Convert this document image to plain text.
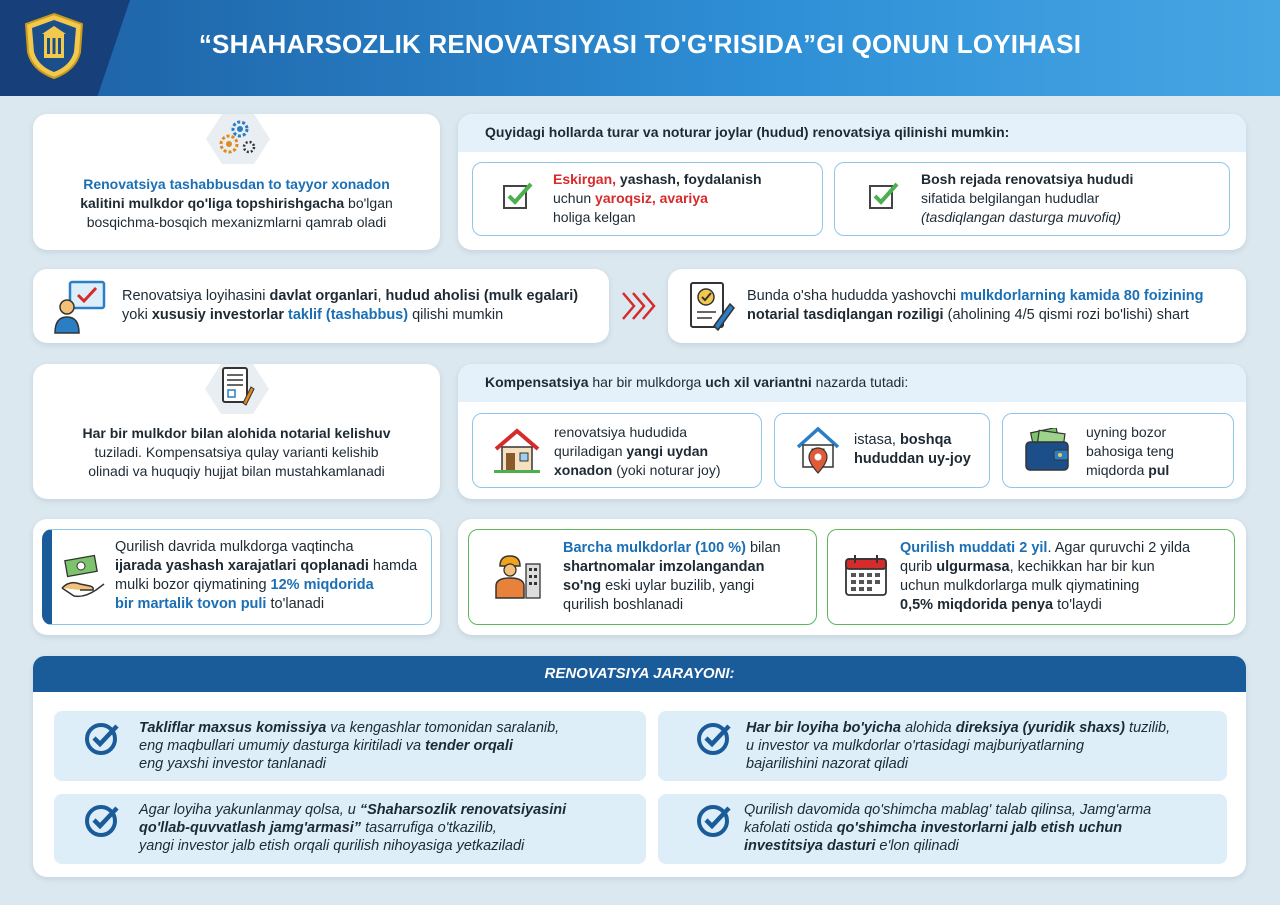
“SHAHARSOZLIK RENOVATSIYASI TO'G'RISIDA”GI QONUN LOYIHASI
Renovatsiya tashabbusdan to tayyor xonadon
kalitini mulkdor qo'liga topshirishgacha bo'lgan
bosqichma-bosqich mexanizmlarni qamrab oladi
Quyidagi hollarda turar va noturar joylar (hudud) renovatsiya qilinishi mumkin:
Eskirgan, yashash, foydalanish
uchun yaroqsiz, avariya
holiga kelgan
Bosh rejada renovatsiya hududi
sifatida belgilangan hududlar
(tasdiqlangan dasturga muvofiq)
Renovatsiya loyihasini davlat organlari, hudud aholisi (mulk egalari)
yoki xususiy investorlar taklif (tashabbus) qilishi mumkin
Bunda o'sha hududda yashovchi mulkdorlarning kamida 80 foizining
notarial tasdiqlangan roziligi (aholining 4/5 qismi rozi bo'lishi) shart
Har bir mulkdor bilan alohida notarial kelishuv
tuziladi. Kompensatsiya qulay varianti kelishib
olinadi va huquqiy hujjat bilan mustahkamlanadi
Kompensatsiya har bir mulkdorga uch xil variantni nazarda tutadi:
renovatsiya hududida
quriladigan yangi uydan
xonadon (yoki noturar joy)
istasa, boshqa
hududdan uy-joy
uyning bozor
bahosiga teng
miqdorda pul
Qurilish davrida mulkdorga vaqtincha
ijarada yashash xarajatlari qoplanadi hamda
mulki bozor qiymatining 12% miqdorida
bir martalik tovon puli to'lanadi
Barcha mulkdorlar (100 %) bilan
shartnomalar imzolangandan
so'ng eski uylar buzilib, yangi
qurilish boshlanadi
Qurilish muddati 2 yil. Agar quruvchi 2 yilda
qurib ulgurmasa, kechikkan har bir kun
uchun mulkdorlarga mulk qiymatining
0,5% miqdorida penya to'laydi
RENOVATSIYA JARAYONI:
Takliflar maxsus komissiya va kengashlar tomonidan saralanib,
eng maqbullari umumiy dasturga kiritiladi va tender orqali
eng yaxshi investor tanlanadi
Har bir loyiha bo'yicha alohida direksiya (yuridik shaxs) tuzilib,
u investor va mulkdorlar o'rtasidagi majburiyatlarning
bajarilishini nazorat qiladi
Agar loyiha yakunlanmay qolsa, u “Shaharsozlik renovatsiyasini
qo'llab-quvvatlash jamg'armasi” tasarrufiga o'tkazilib,
yangi investor jalb etish orqali qurilish nihoyasiga yetkaziladi
Qurilish davomida qo'shimcha mablag' talab qilinsa, Jamg'arma
kafolati ostida qo'shimcha investorlarni jalb etish uchun
investitsiya dasturi e'lon qilinadi
